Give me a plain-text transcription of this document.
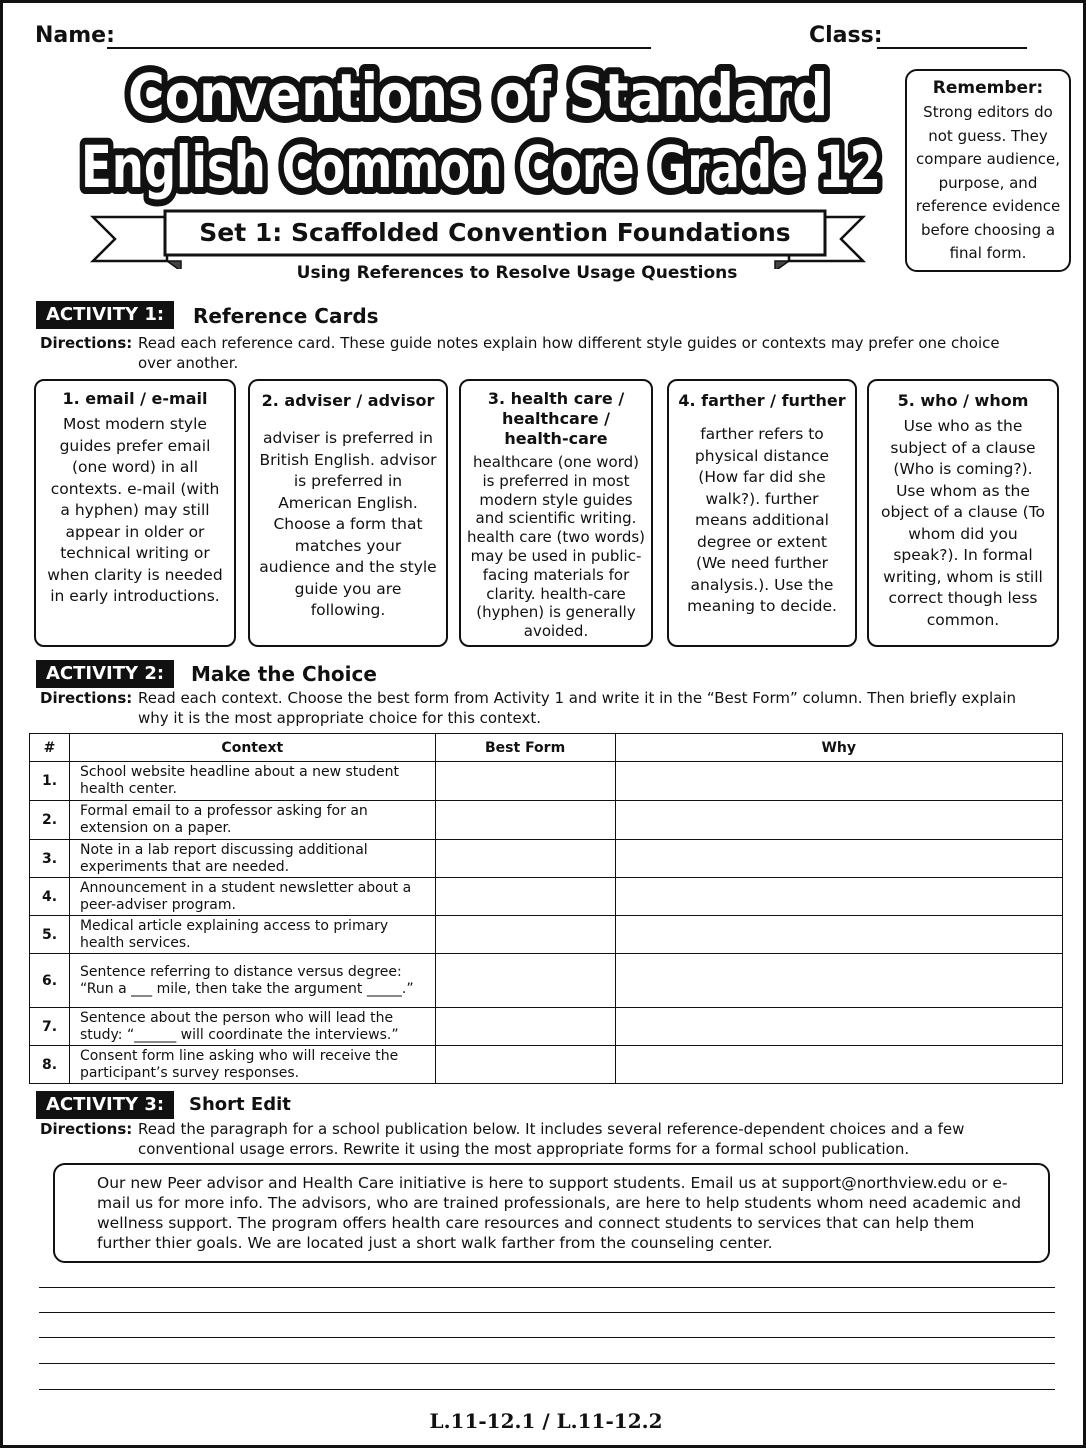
Name:	Class:
Set 1: Scaffolded Convention Foundations
Conventions of Standard
English Common Core Grade 12
Using References to Resolve Usage Questions
Remember:
Strong editors do not guess. They compare audience, purpose, and reference evidence before choosing a final form.
ACTIVITY 1:	Reference Cards
Directions: Read each reference card. These guide notes explain how different style guides or contexts may prefer one choice over another.
1. email / e-mail
Most modern style guides prefer email (one word) in all contexts. e-mail (with a hyphen) may still appear in older or technical writing or when clarity is needed in early introductions.
2. adviser / advisor
adviser is preferred in British English. advisor is preferred in American English. Choose a form that matches your audience and the style guide you are following.
3. health care / healthcare / health-care
healthcare (one word) is preferred in most modern style guides and scientific writing. health care (two words) may be used in public-facing materials for clarity. health-care (hyphen) is generally avoided.
4. farther / further
farther refers to physical distance (How far did she walk?). further means additional degree or extent (We need further analysis.). Use the meaning to decide.
5. who / whom
Use who as the subject of a clause (Who is coming?). Use whom as the object of a clause (To whom did you speak?). In formal writing, whom is still correct though less common.
ACTIVITY 2:	Make the Choice
Directions: Read each context. Choose the best form from Activity 1 and write it in the “Best Form” column. Then briefly explain why it is the most appropriate choice for this context.
#	Context	Best Form	Why
1.	School website headline about a new student health center.		
2.	Formal email to a professor asking for an extension on a paper.		
3.	Note in a lab report discussing additional experiments that are needed.		
4.	Announcement in a student newsletter about a peer-adviser program.		
5.	Medical article explaining access to primary health services.		
6.	Sentence referring to distance versus degree: “Run a ___ mile, then take the argument _____.”		
7.	Sentence about the person who will lead the study: “______ will coordinate the interviews.”		
8.	Consent form line asking who will receive the participant’s survey responses.		
ACTIVITY 3:	Short Edit
Directions: Read the paragraph for a school publication below. It includes several reference-dependent choices and a few conventional usage errors. Rewrite it using the most appropriate forms for a formal school publication.
Our new Peer advisor and Health Care initiative is here to support students. Email us at support@northview.edu or e-mail us for more info. The advisors, who are trained professionals, are here to help students whom need academic and wellness support. The program offers health care resources and connect students to services that can help them further thier goals. We are located just a short walk farther from the counseling center.
L.11-12.1 / L.11-12.2
